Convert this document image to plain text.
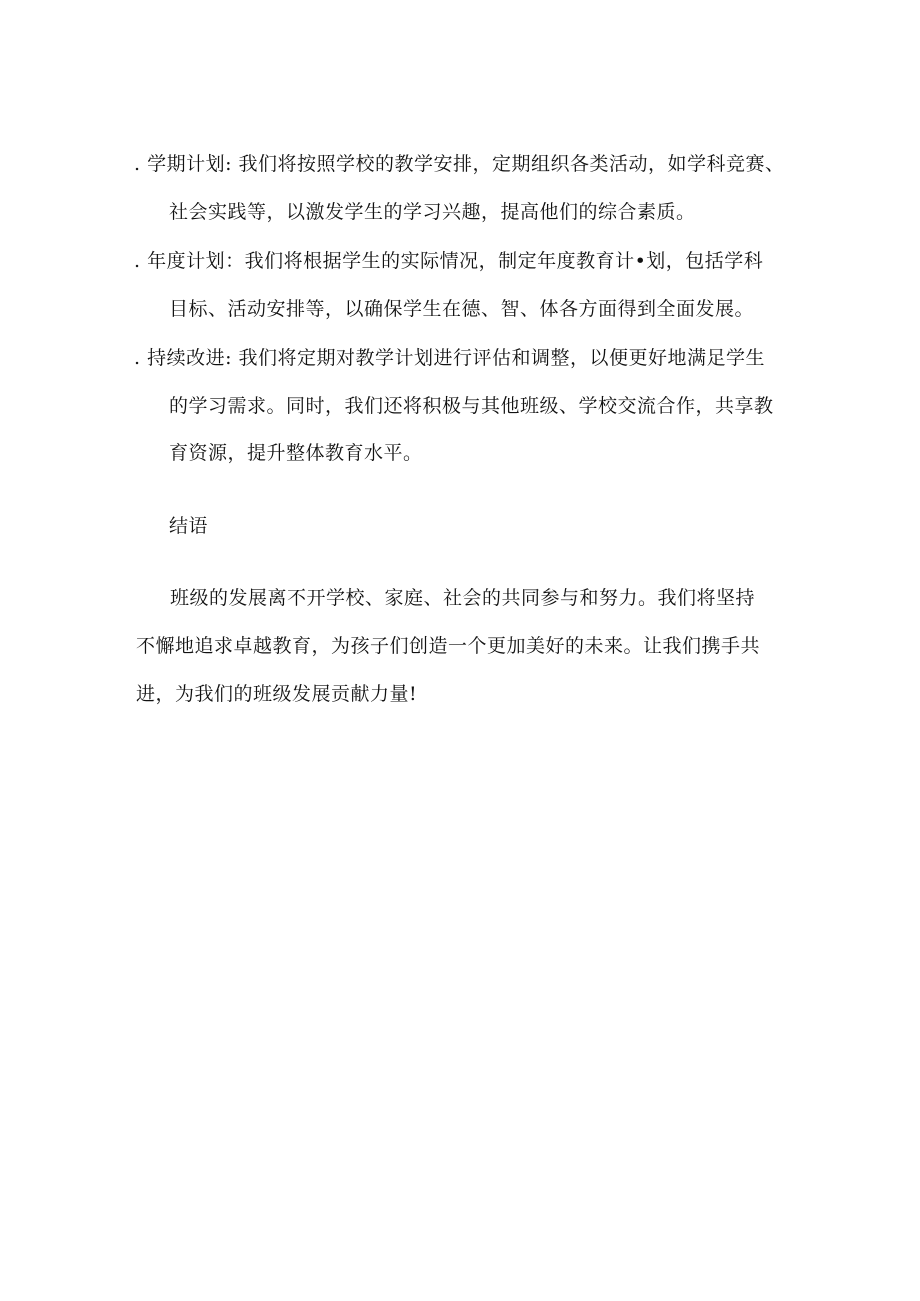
. 学期计划: 我们将按照学校的教学安排，定期组织各类活动，如学科竞赛、
社会实践等，以激发学生的学习兴趣，提高他们的综合素质。
. 年度计划：我们将根据学生的实际情况，制定年度教育计•划，包括学科
目标、活动安排等，以确保学生在德、智、体各方面得到全面发展。
. 持续改进: 我们将定期对教学计划进行评估和调整，以便更好地满足学生
的学习需求。同时，我们还将积极与其他班级、学校交流合作，共享教
育资源，提升整体教育水平。
结语
班级的发展离不开学校、家庭、社会的共同参与和努力。我们将坚持
不懈地追求卓越教育，为孩子们创造一个更加美好的未来。让我们携手共
进，为我们的班级发展贡献力量!
